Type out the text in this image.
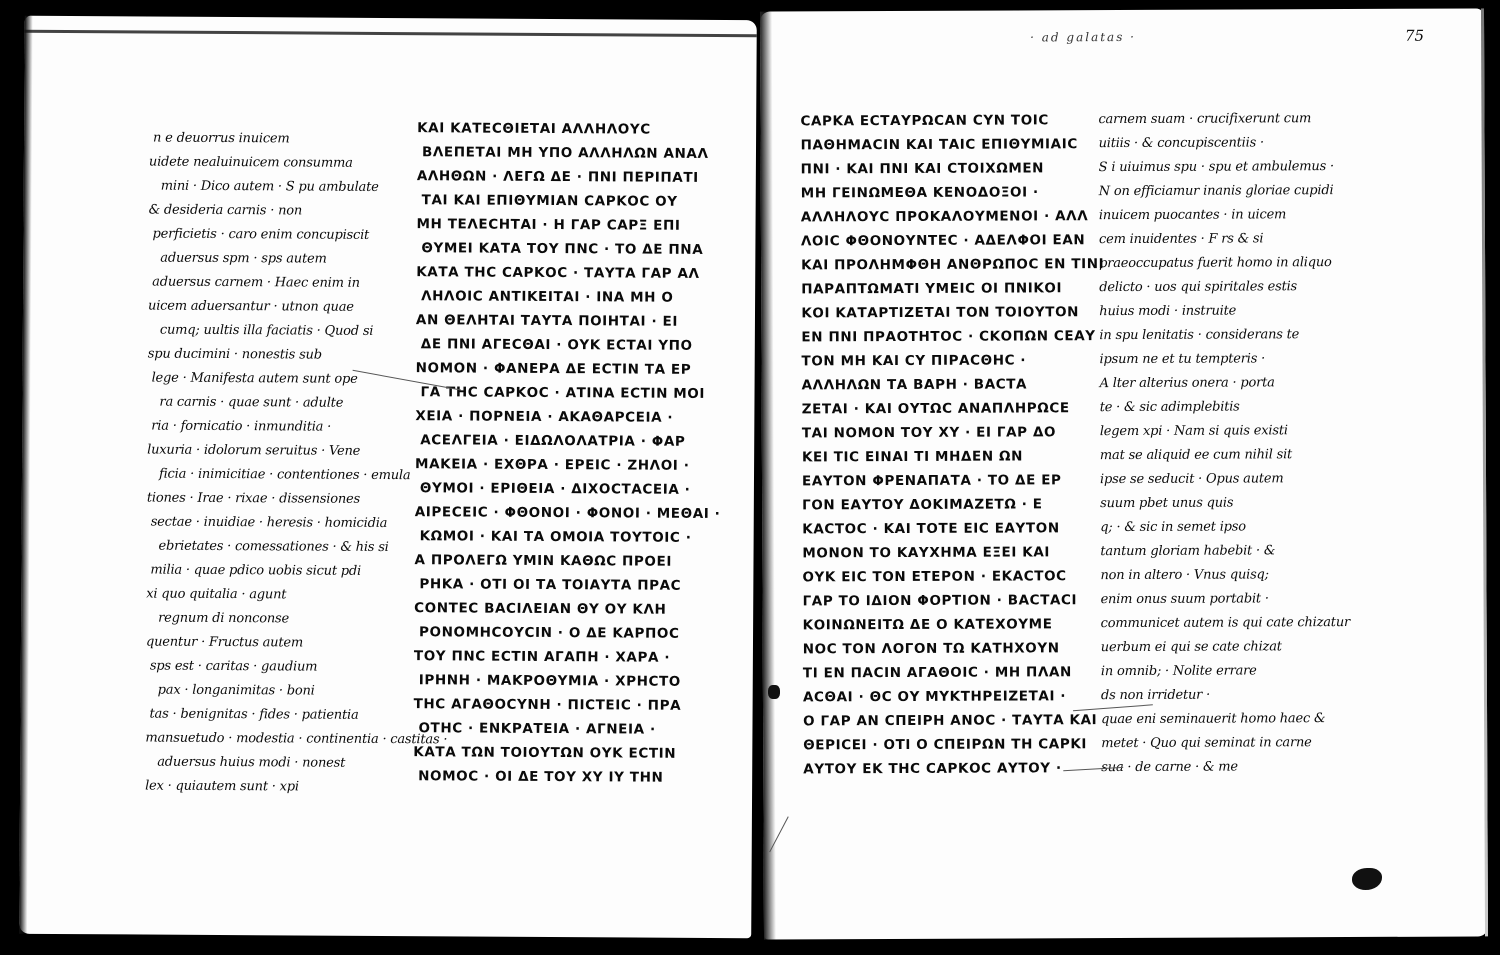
n e deuorrus inuicem
uidete nealuinuicem consumma
mini · Dico autem · S pu ambulate
& desideria carnis · non
perficietis · caro enim concupiscit
aduersus spm · sps autem
aduersus carnem · Haec enim in
uicem aduersantur · utnon quae
cumq; uultis illa faciatis · Quod si
spu ducimini · nonestis sub
lege · Manifesta autem sunt ope
ra carnis · quae sunt · adulte
ria · fornicatio · inmunditia ·
luxuria · idolorum seruitus · Vene
ficia · inimicitiae · contentiones · emula
tiones · Irae · rixae · dissensiones
sectae · inuidiae · heresis · homicidia
ebrietates · comessationes · & his si
milia · quae pdico uobis sicut pdi
xi quo quitalia · agunt
regnum di nonconse
quentur · Fructus autem
sps est · caritas · gaudium
pax · longanimitas · boni
tas · benignitas · fides · patientia
mansuetudo · modestia · continentia · castitas ·
aduersus huius modi · nonest
lex · quiautem sunt · xpi
ΚΑΙ ΚΑΤΕCΘΙΕΤΑΙ ΑΛΛΗΛΟΥC
ΒΛΕΠΕΤΑΙ ΜΗ ΥΠΟ ΑΛΛΗΛΩΝ ΑΝΑΛ
ΑΛΗΘΩΝ · ΛΕΓΩ ΔΕ · ΠΝΙ ΠΕΡΙΠΑΤΙ
ΤΑΙ ΚΑΙ ΕΠΙΘΥΜΙΑΝ CΑΡΚΟC ΟΥ
ΜΗ ΤΕΛΕCΗΤΑΙ · Η ΓΑΡ CΑΡΞ ΕΠΙ
ΘΥΜΕΙ ΚΑΤΑ ΤΟΥ ΠΝC · ΤΟ ΔΕ ΠΝΑ
ΚΑΤΑ ΤΗC CΑΡΚΟC · ΤΑΥΤΑ ΓΑΡ ΑΛ
ΛΗΛΟΙC ΑΝΤΙΚΕΙΤΑΙ · ΙΝΑ ΜΗ Ο
ΑΝ ΘΕΛΗΤΑΙ ΤΑΥΤΑ ΠΟΙΗΤΑΙ · ΕΙ
ΔΕ ΠΝΙ ΑΓΕCΘΑΙ · ΟΥΚ ΕCΤΑΙ ΥΠΟ
ΝΟΜΟΝ · ΦΑΝΕΡΑ ΔΕ ΕCΤΙΝ ΤΑ ΕΡ
ΓΑ ΤΗC CΑΡΚΟC · ΑΤΙΝΑ ΕCΤΙΝ ΜΟΙ
ΧΕΙΑ · ΠΟΡΝΕΙΑ · ΑΚΑΘΑΡCΕΙΑ ·
ΑCΕΛΓΕΙΑ · ΕΙΔΩΛΟΛΑΤΡΙΑ · ΦΑΡ
ΜΑΚΕΙΑ · ΕΧΘΡΑ · ΕΡΕΙC · ΖΗΛΟΙ ·
ΘΥΜΟΙ · ΕΡΙΘΕΙΑ · ΔΙΧΟCΤΑCΕΙΑ ·
ΑΙΡΕCΕΙC · ΦΘΟΝΟΙ · ΦΟΝΟΙ · ΜΕΘΑΙ ·
ΚΩΜΟΙ · ΚΑΙ ΤΑ ΟΜΟΙΑ ΤΟΥΤΟΙC ·
Α ΠΡΟΛΕΓΩ ΥΜΙΝ ΚΑΘΩC ΠΡΟΕΙ
ΡΗΚΑ · ΟΤΙ ΟΙ ΤΑ ΤΟΙΑΥΤΑ ΠΡΑC
CΟΝΤΕC ΒΑCΙΛΕΙΑΝ ΘΥ ΟΥ ΚΛΗ
ΡΟΝΟΜΗCΟΥCΙΝ · Ο ΔΕ ΚΑΡΠΟC
ΤΟΥ ΠΝC ΕCΤΙΝ ΑΓΑΠΗ · ΧΑΡΑ ·
ΙΡΗΝΗ · ΜΑΚΡΟΘΥΜΙΑ · ΧΡΗCΤΟ
ΤΗC ΑΓΑΘΟCΥΝΗ · ΠΙCΤΕΙC · ΠΡΑ
ΟΤΗC · ΕΝΚΡΑΤΕΙΑ · ΑΓΝΕΙΑ ·
ΚΑΤΑ ΤΩΝ ΤΟΙΟΥΤΩΝ ΟΥΚ ΕCΤΙΝ
ΝΟΜΟC · ΟΙ ΔΕ ΤΟΥ ΧΥ ΙΥ ΤΗΝ
· ad galatas ·	75
CΑΡΚΑ ΕCΤΑΥΡΩCΑΝ CΥΝ ΤΟΙC
ΠΑΘΗΜΑCΙΝ ΚΑΙ ΤΑΙC ΕΠΙΘΥΜΙΑΙC
ΠΝΙ · ΚΑΙ ΠΝΙ ΚΑΙ CΤΟΙΧΩΜΕΝ
ΜΗ ΓΕΙΝΩΜΕΘΑ ΚΕΝΟΔΟΞΟΙ ·
ΑΛΛΗΛΟΥC ΠΡΟΚΑΛΟΥΜΕΝΟΙ · ΑΛΛ
ΛΟΙC ΦΘΟΝΟΥΝΤΕC · ΑΔΕΛΦΟΙ ΕΑΝ
ΚΑΙ ΠΡΟΛΗΜΦΘΗ ΑΝΘΡΩΠΟC ΕΝ ΤΙΝΙ
ΠΑΡΑΠΤΩΜΑΤΙ ΥΜΕΙC ΟΙ ΠΝΙΚΟΙ
ΚΟΙ ΚΑΤΑΡΤΙΖΕΤΑΙ ΤΟΝ ΤΟΙΟΥΤΟΝ
ΕΝ ΠΝΙ ΠΡΑΟΤΗΤΟC · CΚΟΠΩΝ CΕΑΥ
ΤΟΝ ΜΗ ΚΑΙ CΥ ΠΙΡΑCΘΗC ·
ΑΛΛΗΛΩΝ ΤΑ ΒΑΡΗ · ΒΑCΤΑ
ΖΕΤΑΙ · ΚΑΙ ΟΥΤΩC ΑΝΑΠΛΗΡΩCΕ
ΤΑΙ ΝΟΜΟΝ ΤΟΥ ΧΥ · ΕΙ ΓΑΡ ΔΟ
ΚΕΙ ΤΙC ΕΙΝΑΙ ΤΙ ΜΗΔΕΝ ΩΝ
ΕΑΥΤΟΝ ΦΡΕΝΑΠΑΤΑ · ΤΟ ΔΕ ΕΡ
ΓΟΝ ΕΑΥΤΟΥ ΔΟΚΙΜΑΖΕΤΩ · Ε
ΚΑCΤΟC · ΚΑΙ ΤΟΤΕ ΕΙC ΕΑΥΤΟΝ
ΜΟΝΟΝ ΤΟ ΚΑΥΧΗΜΑ ΕΞΕΙ ΚΑΙ
ΟΥΚ ΕΙC ΤΟΝ ΕΤΕΡΟΝ · ΕΚΑCΤΟC
ΓΑΡ ΤΟ ΙΔΙΟΝ ΦΟΡΤΙΟΝ · ΒΑCΤΑCΙ
ΚΟΙΝΩΝΕΙΤΩ ΔΕ Ο ΚΑΤΕΧΟΥΜΕ
ΝΟC ΤΟΝ ΛΟΓΟΝ ΤΩ ΚΑΤΗΧΟΥΝ
ΤΙ ΕΝ ΠΑCΙΝ ΑΓΑΘΟΙC · ΜΗ ΠΛΑΝ
ΑCΘΑΙ · ΘC ΟΥ ΜΥΚΤΗΡΕΙΖΕΤΑΙ ·
Ο ΓΑΡ ΑΝ CΠΕΙΡΗ ΑΝΟC · ΤΑΥΤΑ ΚΑΙ
ΘΕΡΙCΕΙ · ΟΤΙ Ο CΠΕΙΡΩΝ ΤΗ CΑΡΚΙ
ΑΥΤΟΥ ΕΚ ΤΗC CΑΡΚΟC ΑΥΤΟΥ ·
carnem suam · crucifixerunt cum
uitiis · & concupiscentiis ·
S i uiuimus spu · spu et ambulemus ·
N on efficiamur inanis gloriae cupidi
inuicem puocantes · in uicem
cem inuidentes · F rs & si
praeoccupatus fuerit homo in aliquo
delicto · uos qui spiritales estis
huius modi · instruite
in spu lenitatis · considerans te
ipsum ne et tu tempteris ·
A lter alterius onera · porta
te · & sic adimplebitis
legem xpi · Nam si quis existi
mat se aliquid ee cum nihil sit
ipse se seducit · Opus autem
suum pbet unus quis
q; · & sic in semet ipso
tantum gloriam habebit · &
non in altero · Vnus quisq;
enim onus suum portabit ·
communicet autem is qui cate chizatur
uerbum ei qui se cate chizat
in omnib; · Nolite errare
ds non irridetur ·
quae eni seminauerit homo haec &
metet · Quo qui seminat in carne
sua · de carne · & me
